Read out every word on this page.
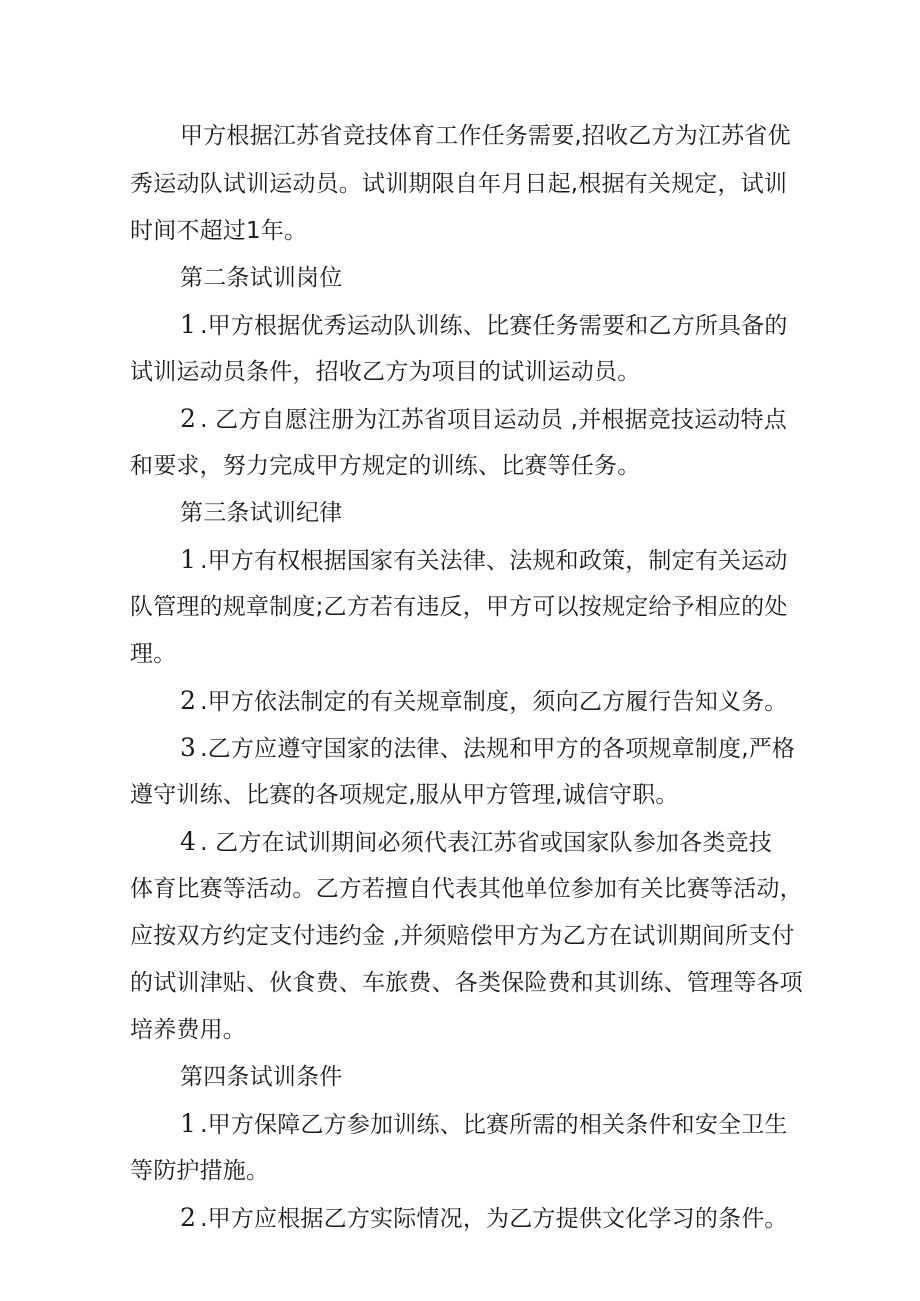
甲方根据江苏省竞技体育工作任务需要,招收乙方为江苏省优
秀运动队试训运动员。试训期限自年月日起,根据有关规定，试训
时间不超过1年。
第二条试训岗位
1 .甲方根据优秀运动队训练、比赛任务需要和乙方所具备的
试训运动员条件，招收乙方为项目的试训运动员。
2 . 乙方自愿注册为江苏省项目运动员 ,并根据竞技运动特点
和要求，努力完成甲方规定的训练、比赛等任务。
第三条试训纪律
1 .甲方有权根据国家有关法律、法规和政策，制定有关运动
队管理的规章制度;乙方若有违反，甲方可以按规定给予相应的处
理。
2 .甲方依法制定的有关规章制度，须向乙方履行告知义务。
3 .乙方应遵守国家的法律、法规和甲方的各项规章制度,严格
遵守训练、比赛的各项规定,服从甲方管理,诚信守职。
4 . 乙方在试训期间必须代表江苏省或国家队参加各类竞技
体育比赛等活动。乙方若擅自代表其他单位参加有关比赛等活动，
应按双方约定支付违约金 ,并须赔偿甲方为乙方在试训期间所支付
的试训津贴、伙食费、车旅费、各类保险费和其训练、管理等各项
培养费用。
第四条试训条件
1 .甲方保障乙方参加训练、比赛所需的相关条件和安全卫生
等防护措施。
2 .甲方应根据乙方实际情况，为乙方提供文化学习的条件。
